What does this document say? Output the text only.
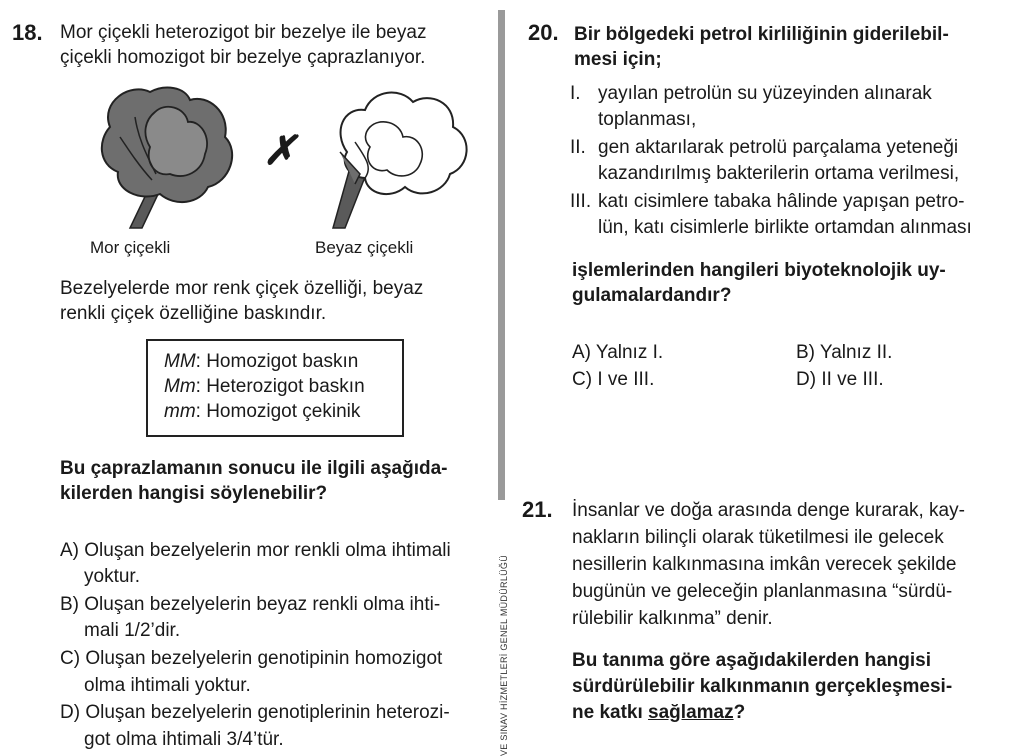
18. Mor çiçekli heterozigot bir bezelye ile beyaz
çiçekli homozigot bir bezelye çaprazlanıyor.
✗
Mor çiçekli	Beyaz çiçekli
Bezelyelerde mor renk çiçek özelliği, beyaz
renkli çiçek özelliğine baskındır.
MM: Homozigot baskın
Mm: Heterozigot baskın
mm: Homozigot çekinik
Bu çaprazlamanın sonucu ile ilgili aşağıda-
kilerden hangisi söylenebilir?
A) Oluşan bezelyelerin mor renkli olma ihtimali
yoktur.
B) Oluşan bezelyelerin beyaz renkli olma ihti-
mali 1/2’dir.
C) Oluşan bezelyelerin genotipinin homozigot
olma ihtimali yoktur.
D) Oluşan bezelyelerin genotiplerinin heterozi-
got olma ihtimali 3/4’tür.	VE SINAV HİZMETLERİ GENEL MÜDÜRLÜĞÜ
20. Bir bölgedeki petrol kirliliğinin giderilebil-
mesi için;
I. yayılan petrolün su yüzeyinden alınarak
toplanması,
II. gen aktarılarak petrolü parçalama yeteneği
kazandırılmış bakterilerin ortama verilmesi,
III. katı cisimlere tabaka hâlinde yapışan petro-
lün, katı cisimlerle birlikte ortamdan alınması
işlemlerinden hangileri biyoteknolojik uy-
gulamalardandır?
A) Yalnız I.	B) Yalnız II.
C) I ve III.	D) II ve III.
21. İnsanlar ve doğa arasında denge kurarak, kay-
nakların bilinçli olarak tüketilmesi ile gelecek
nesillerin kalkınmasına imkân verecek şekilde
bugünün ve geleceğin planlanmasına “sürdü-
rülebilir kalkınma” denir.
Bu tanıma göre aşağıdakilerden hangisi
sürdürülebilir kalkınmanın gerçekleşmesi-
ne katkı sağlamaz?
